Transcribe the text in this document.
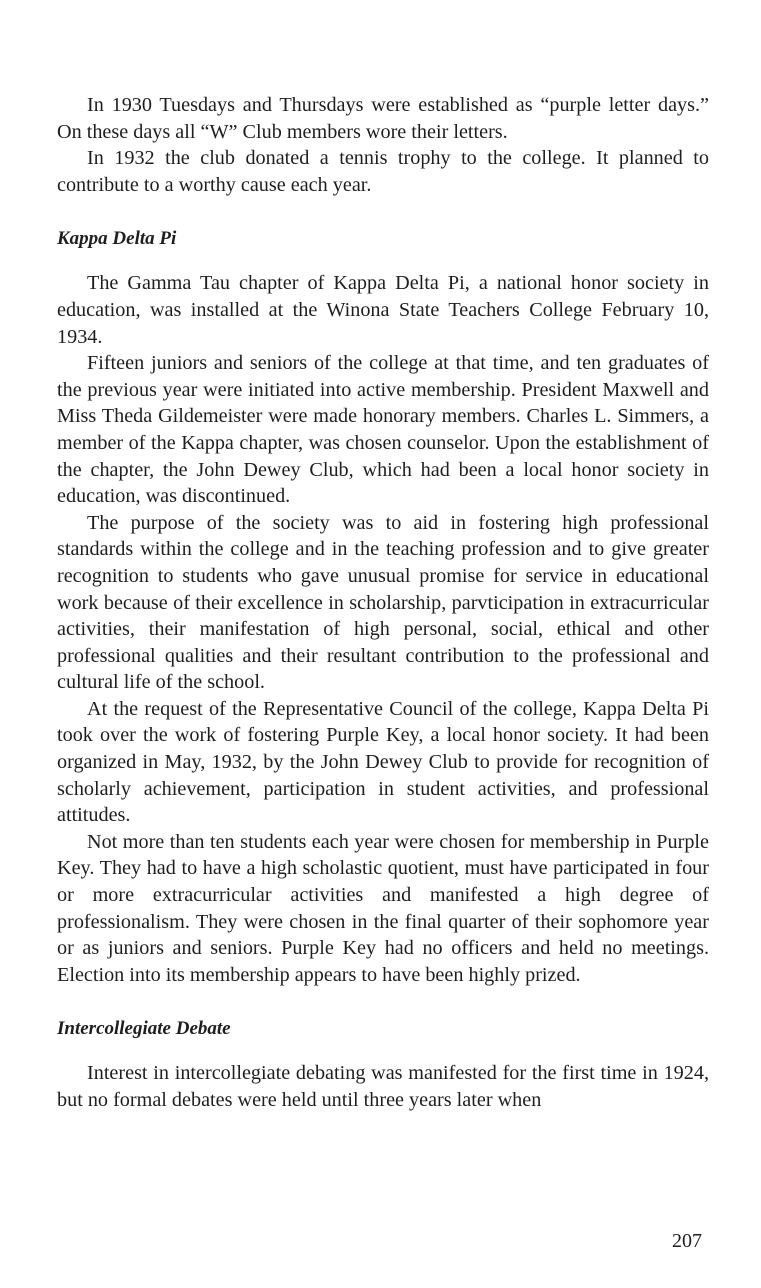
In 1930 Tuesdays and Thursdays were established as “purple letter days.” On these days all “W” Club members wore their letters.

In 1932 the club donated a tennis trophy to the college. It planned to contribute to a worthy cause each year.

Kappa Delta Pi

The Gamma Tau chapter of Kappa Delta Pi, a national honor society in education, was installed at the Winona State Teachers College February 10, 1934.

Fifteen juniors and seniors of the college at that time, and ten graduates of the previous year were initiated into active membership. President Maxwell and Miss Theda Gildemeister were made honorary members. Charles L. Simmers, a member of the Kappa chapter, was chosen counselor. Upon the establishment of the chapter, the John Dewey Club, which had been a local honor society in education, was discontinued.

The purpose of the society was to aid in fostering high professional standards within the college and in the teaching profession and to give greater recognition to students who gave unusual promise for service in educational work because of their excellence in scholarship, parvticipation in extracurricular activities, their manifestation of high personal, social, ethical and other professional qualities and their resultant contribution to the professional and cultural life of the school.

At the request of the Representative Council of the college, Kappa Delta Pi took over the work of fostering Purple Key, a local honor society. It had been organized in May, 1932, by the John Dewey Club to provide for recognition of scholarly achievement, participation in student activities, and professional attitudes.

Not more than ten students each year were chosen for membership in Purple Key. They had to have a high scholastic quotient, must have participated in four or more extracurricular activities and manifested a high degree of professionalism. They were chosen in the final quarter of their sophomore year or as juniors and seniors. Purple Key had no officers and held no meetings. Election into its membership appears to have been highly prized.

Intercollegiate Debate

Interest in intercollegiate debating was manifested for the first time in 1924, but no formal debates were held until three years later when

207
